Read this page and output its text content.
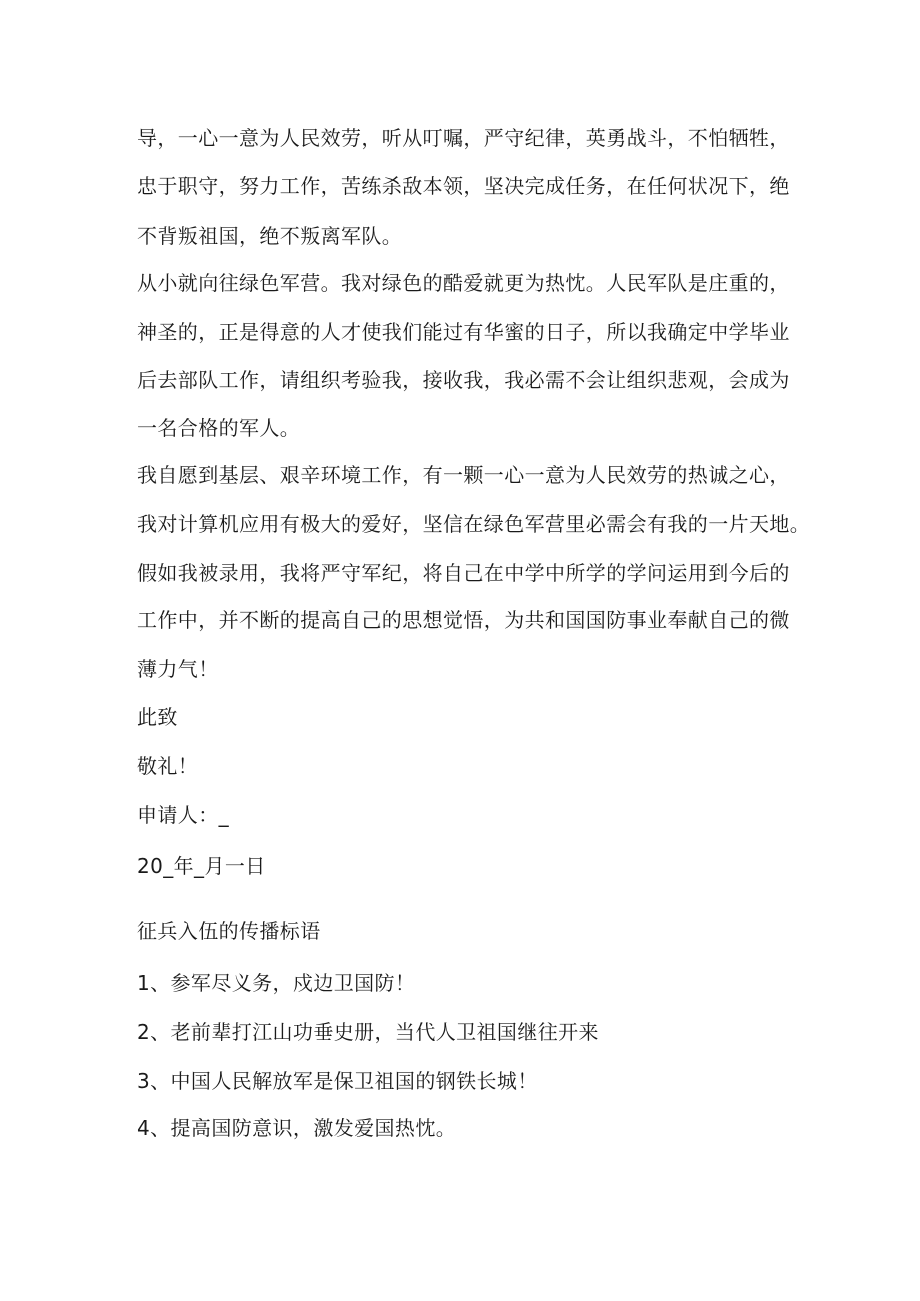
导，一心一意为人民效劳，听从叮嘱，严守纪律，英勇战斗，不怕牺牲，
忠于职守，努力工作，苦练杀敌本领，坚决完成任务，在任何状况下，绝
不背叛祖国，绝不叛离军队。
从小就向往绿色军营。我对绿色的酷爱就更为热忱。人民军队是庄重的，
神圣的，正是得意的人才使我们能过有华蜜的日子，所以我确定中学毕业
后去部队工作，请组织考验我，接收我，我必需不会让组织悲观，会成为
一名合格的军人。
我自愿到基层、艰辛环境工作，有一颗一心一意为人民效劳的热诚之心，
我对计算机应用有极大的爱好，坚信在绿色军营里必需会有我的一片天地。
假如我被录用，我将严守军纪，将自己在中学中所学的学问运用到今后的
工作中，并不断的提高自己的思想觉悟，为共和国国防事业奉献自己的微
薄力气！
此致
敬礼！
申请人：_
20_年_月一日
征兵入伍的传播标语
1、参军尽义务，戍边卫国防！
2、老前辈打江山功垂史册，当代人卫祖国继往开来
3、中国人民解放军是保卫祖国的钢铁长城！
4、提高国防意识，激发爱国热忱。
